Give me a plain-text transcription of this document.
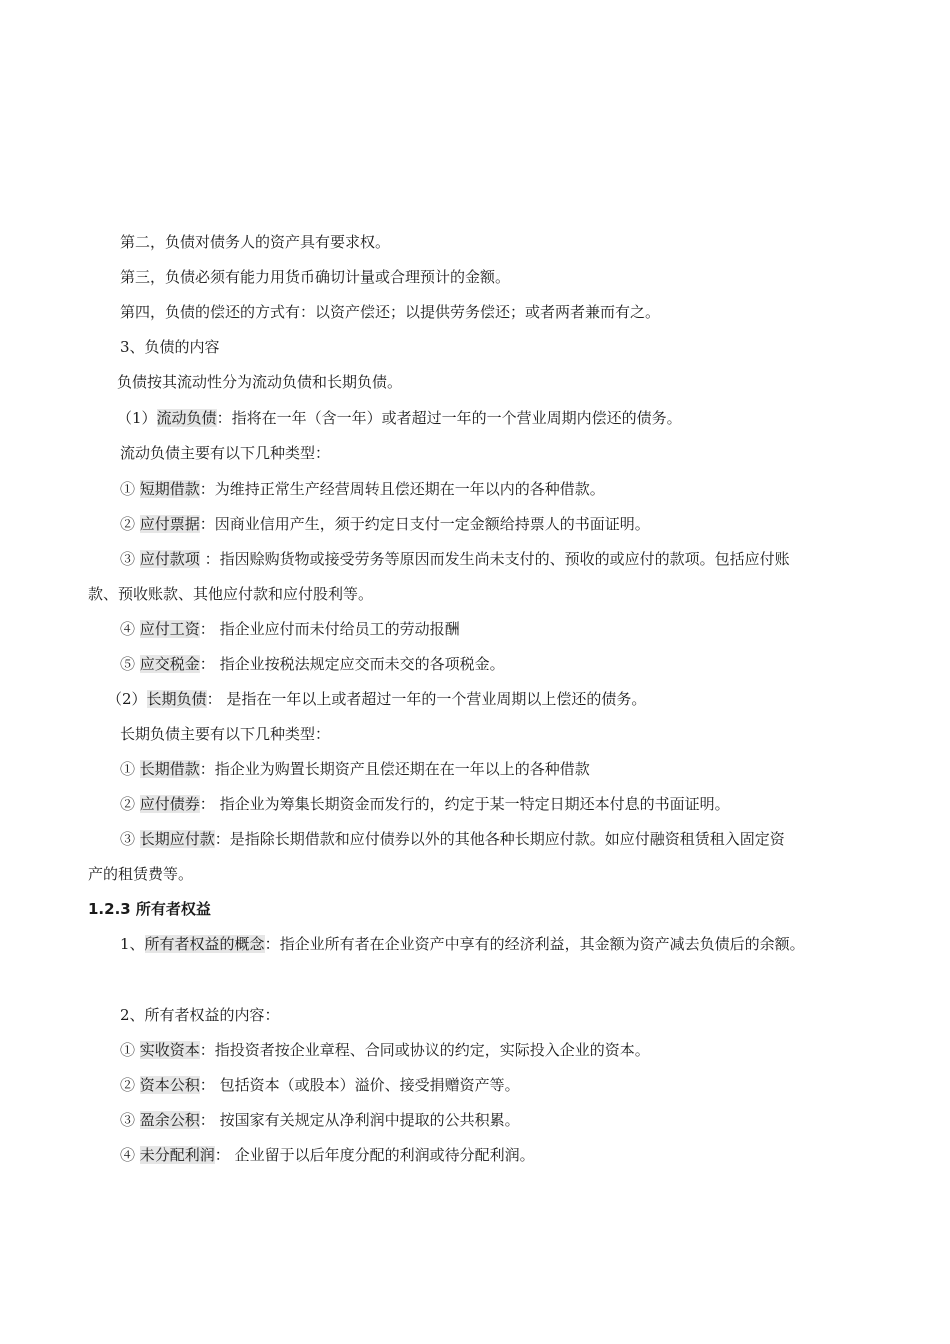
第二，负债对债务人的资产具有要求权。
第三，负债必须有能力用货币确切计量或合理预计的金额。
第四，负债的偿还的方式有：以资产偿还；以提供劳务偿还；或者两者兼而有之。
3、负债的内容
负债按其流动性分为流动负债和长期负债。
（1）流动负债：指将在一年（含一年）或者超过一年的一个营业周期内偿还的债务。
流动负债主要有以下几种类型：
① 短期借款：为维持正常生产经营周转且偿还期在一年以内的各种借款。
② 应付票据：因商业信用产生，须于约定日支付一定金额给持票人的书面证明。
③ 应付款项 ：指因赊购货物或接受劳务等原因而发生尚未支付的、预收的或应付的款项。包括应付账
款、预收账款、其他应付款和应付股利等。
④ 应付工资： 指企业应付而未付给员工的劳动报酬
⑤ 应交税金： 指企业按税法规定应交而未交的各项税金。
（2）长期负债： 是指在一年以上或者超过一年的一个营业周期以上偿还的债务。
长期负债主要有以下几种类型：
① 长期借款：指企业为购置长期资产且偿还期在在一年以上的各种借款
② 应付债券： 指企业为筹集长期资金而发行的，约定于某一特定日期还本付息的书面证明。
③ 长期应付款：是指除长期借款和应付债券以外的其他各种长期应付款。如应付融资租赁租入固定资
产的租赁费等。
1.2.3 所有者权益
1、所有者权益的概念：指企业所有者在企业资产中享有的经济利益，其金额为资产减去负债后的余额。
2、所有者权益的内容：
① 实收资本：指投资者按企业章程、合同或协议的约定，实际投入企业的资本。
② 资本公积： 包括资本（或股本）溢价、接受捐赠资产等。
③ 盈余公积： 按国家有关规定从净利润中提取的公共积累。
④ 未分配利润： 企业留于以后年度分配的利润或待分配利润。
